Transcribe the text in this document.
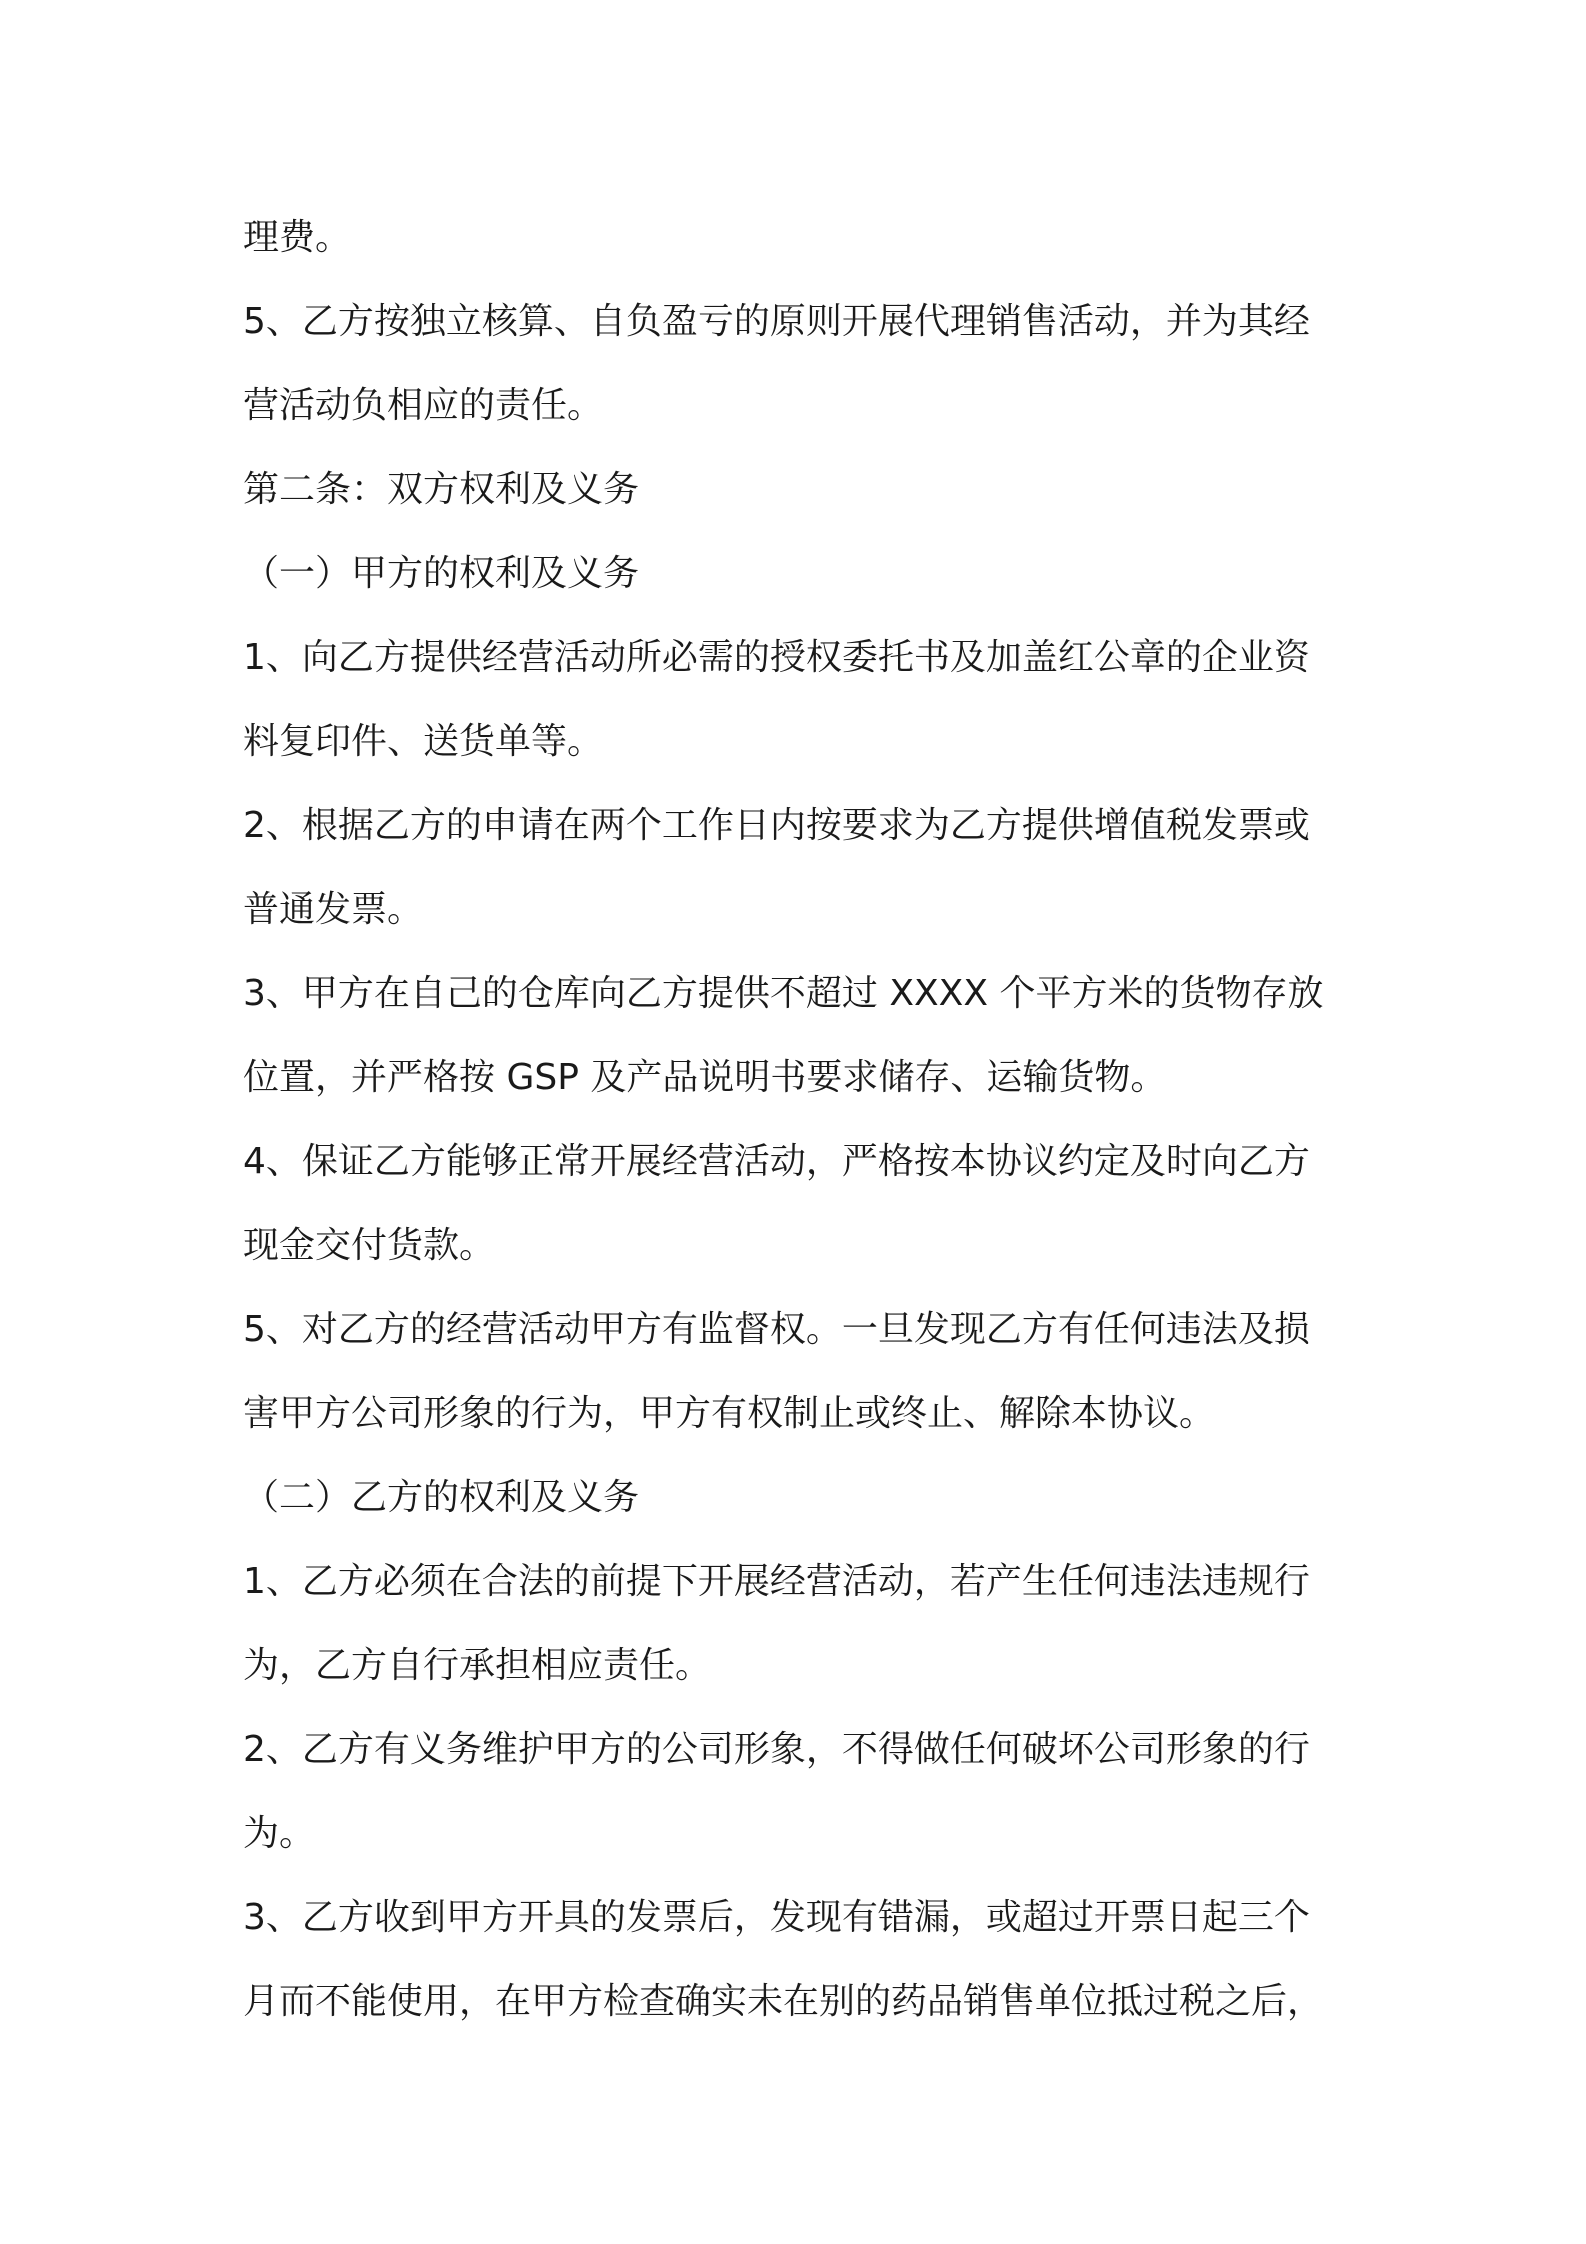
理费。
5、乙方按独立核算、自负盈亏的原则开展代理销售活动，并为其经
营活动负相应的责任。
第二条：双方权利及义务
（一）甲方的权利及义务
1、向乙方提供经营活动所必需的授权委托书及加盖红公章的企业资
料复印件、送货单等。
2、根据乙方的申请在两个工作日内按要求为乙方提供增值税发票或
普通发票。
3、甲方在自己的仓库向乙方提供不超过 XXXX 个平方米的货物存放
位置，并严格按 GSP 及产品说明书要求储存、运输货物。
4、保证乙方能够正常开展经营活动，严格按本协议约定及时向乙方
现金交付货款。
5、对乙方的经营活动甲方有监督权。一旦发现乙方有任何违法及损
害甲方公司形象的行为，甲方有权制止或终止、解除本协议。
（二）乙方的权利及义务
1、乙方必须在合法的前提下开展经营活动，若产生任何违法违规行
为，乙方自行承担相应责任。
2、乙方有义务维护甲方的公司形象，不得做任何破坏公司形象的行
为。
3、乙方收到甲方开具的发票后，发现有错漏，或超过开票日起三个
月而不能使用，在甲方检查确实未在别的药品销售单位抵过税之后，
